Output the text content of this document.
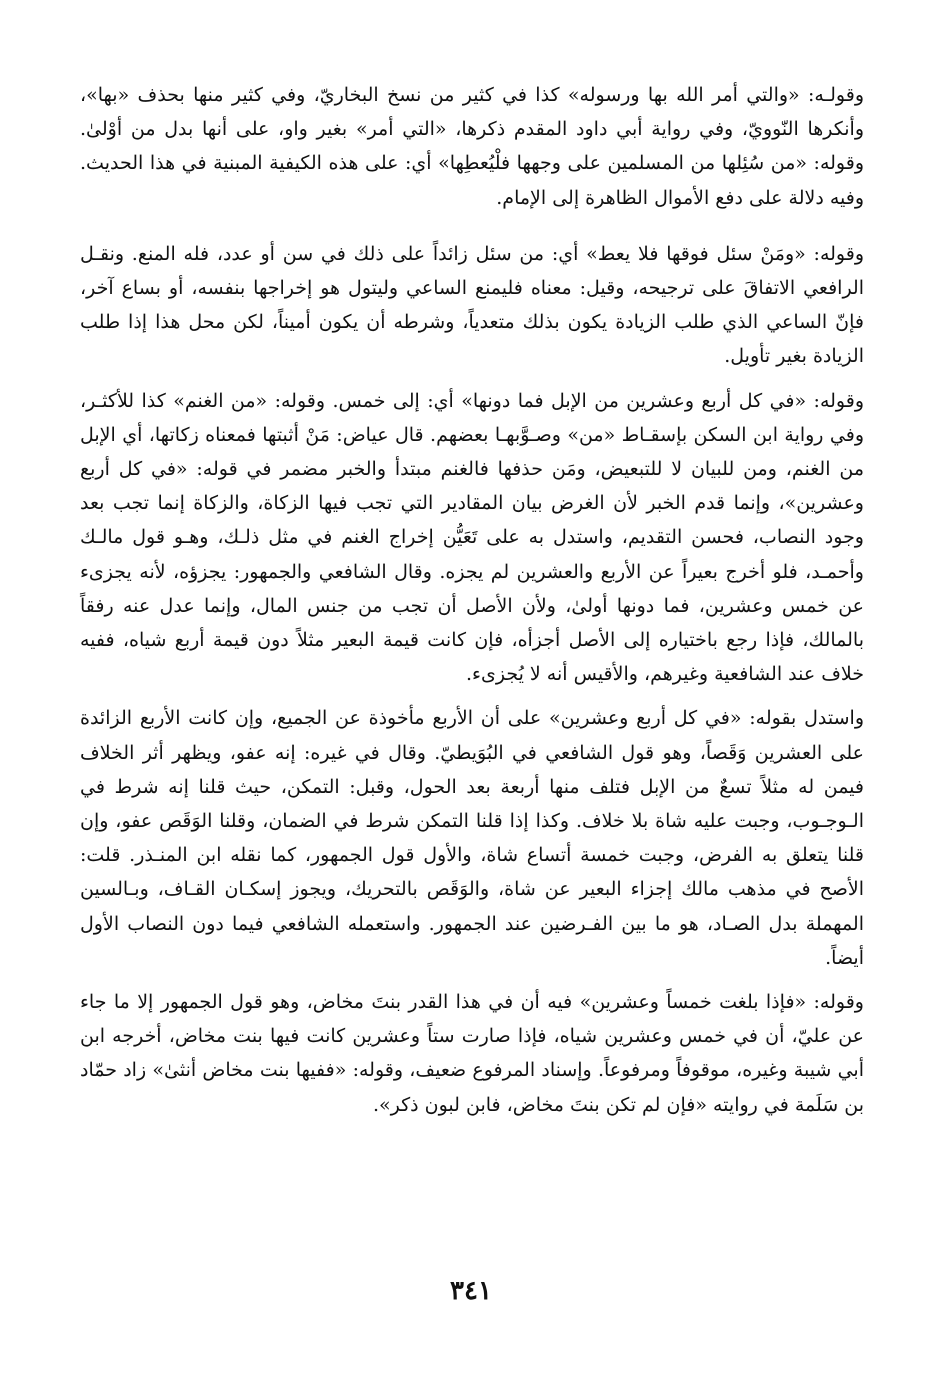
وقولـه: «والتي أمر الله بها ورسوله» كذا في كثير من نسخ البخاريّ، وفي كثير منها بحذف «بها»، وأنكرها النّوويّ، وفي رواية أبي داود المقدم ذكرها، «التي أمر» بغير واو، على أنها بدل من أوْلىٰ. وقوله: «من سُئِلها من المسلمين على وجهها فلْيُعطِها» أي: على هذه الكيفية المبنية في هذا الحديث. وفيه دلالة على دفع الأموال الظاهرة إلى الإمام.

وقوله: «ومَنْ سئل فوقها فلا يعط» أي: من سئل زائداً على ذلك في سن أو عدد، فله المنع. ونقـل الرافعي الاتفاقَ على ترجيحه، وقيل: معناه فليمنع الساعي وليتول هو إخراجها بنفسه، أو بساع آخر، فإنّ الساعي الذي طلب الزيادة يكون بذلك متعدياً، وشرطه أن يكون أميناً، لكن محل هذا إذا طلب الزيادة بغير تأويل.

وقوله: «في كل أربع وعشرين من الإبل فما دونها» أي: إلى خمس. وقوله: «من الغنم» كذا للأكثـر، وفي رواية ابن السكن بإسقـاط «من» وصـوَّبهـا بعضهم. قال عياض: مَنْ أثبتها فمعناه زكاتها، أي الإبل من الغنم، ومن للبيان لا للتبعيض، ومَن حذفها فالغنم مبتدأ والخبر مضمر في قوله: «في كل أربع وعشرين»، وإنما قدم الخبر لأن الغرض بيان المقادير التي تجب فيها الزكاة، والزكاة إنما تجب بعد وجود النصاب، فحسن التقديم، واستدل به على تَعَيُّن إخراج الغنم في مثل ذلـك، وهـو قول مالـك وأحمـد، فلو أخرج بعيراً عن الأربع والعشرين لم يجزه. وقال الشافعي والجمهور: يجزؤه، لأنه يجزىء عن خمس وعشرين، فما دونها أولىٰ، ولأن الأصل أن تجب من جنس المال، وإنما عدل عنه رفقاً بالمالك، فإذا رجع باختياره إلى الأصل أجزأه، فإن كانت قيمة البعير مثلاً دون قيمة أربع شياه، ففيه خلاف عند الشافعية وغيرهم، والأقيس أنه لا يُجزىء.

واستدل بقوله: «في كل أربع وعشرين» على أن الأربع مأخوذة عن الجميع، وإن كانت الأربع الزائدة على العشرين وَقَصاً، وهو قول الشافعي في البُوَيطيّ. وقال في غيره: إنه عفو، ويظهر أثر الخلاف فيمن له مثلاً تسعٌ من الإبل فتلف منها أربعة بعد الحول، وقبل: التمكن، حيث قلنا إنه شرط في الـوجـوب، وجبت عليه شاة بلا خلاف. وكذا إذا قلنا التمكن شرط في الضمان، وقلنا الوَقَص عفو، وإن قلنا يتعلق به الفرض، وجبت خمسة أتساع شاة، والأول قول الجمهور، كما نقله ابن المنـذر. قلت: الأصح في مذهب مالك إجزاء البعير عن شاة، والوَقَص بالتحريك، ويجوز إسكـان القـاف، وبـالسين المهملة بدل الصـاد، هو ما بين الفـرضين عند الجمهور. واستعمله الشافعي فيما دون النصاب الأول أيضاً.

وقوله: «فإذا بلغت خمساً وعشرين» فيه أن في هذا القدر بنتَ مخاض، وهو قول الجمهور إلا ما جاء عن عليّ، أن في خمس وعشرين شياه، فإذا صارت ستاً وعشرين كانت فيها بنت مخاض، أخرجه ابن أبي شيبة وغيره، موقوفاً ومرفوعاً. وإسناد المرفوع ضعيف، وقوله: «ففيها بنت مخاض أنثىٰ» زاد حمّاد بن سَلَمة في روايته «فإن لم تكن بنتَ مخاض، فابن لبون ذكر».

٣٤١
